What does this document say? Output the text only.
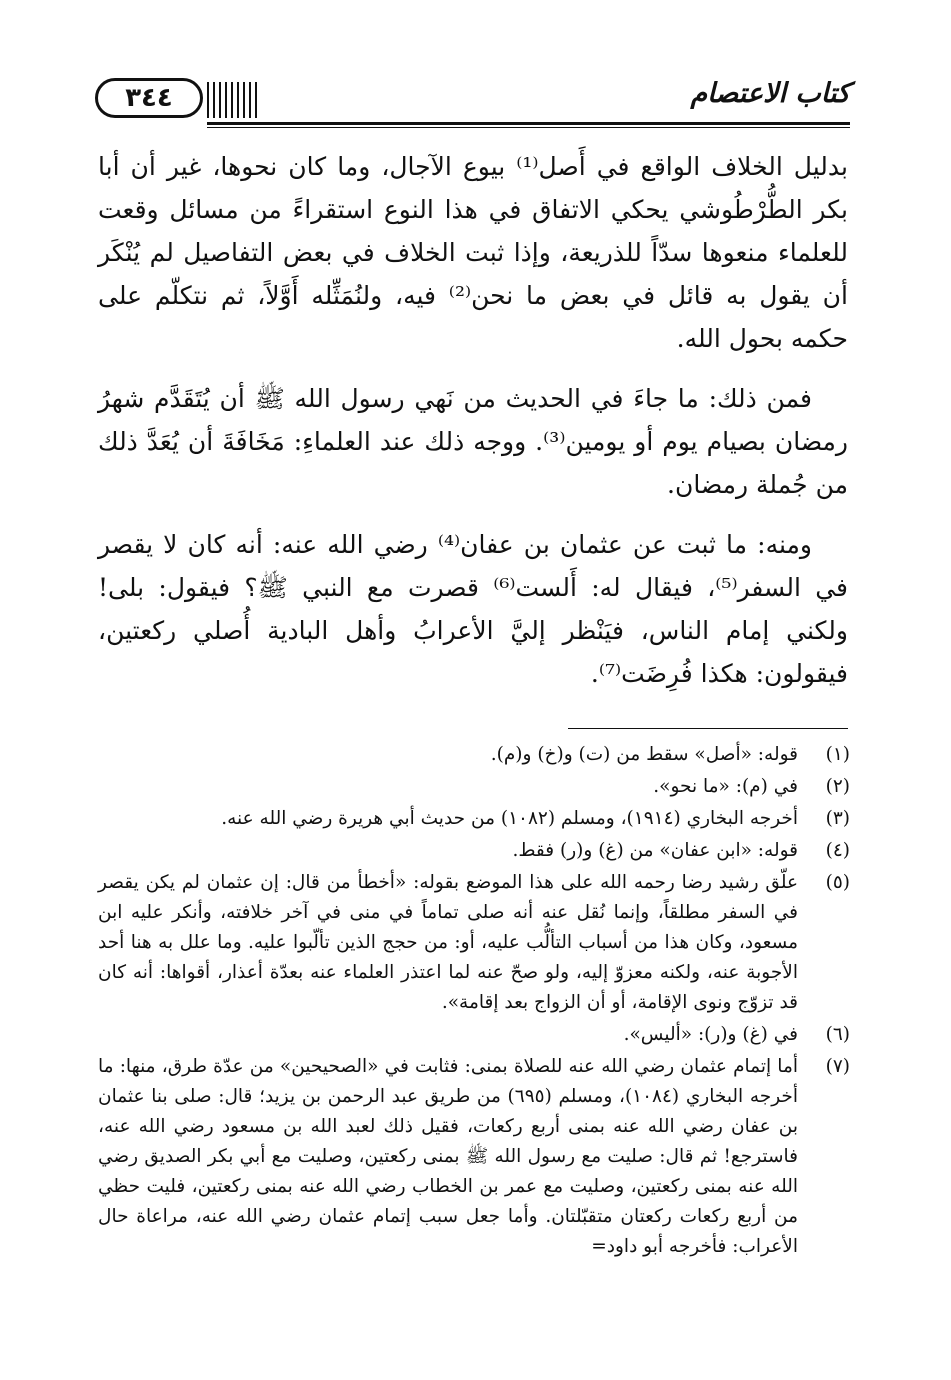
٣٤٤	كتاب الاعتصام

بدليل الخلاف الواقع في أَصل⁽¹⁾ بيوع الآجال، وما كان نحوها، غير أن أبا بكر الطُّرْطُوشي يحكي الاتفاق في هذا النوع استقراءً من مسائل وقعت للعلماء منعوها سدّاً للذريعة، وإذا ثبت الخلاف في بعض التفاصيل لم يُنْكَر أن يقول به قائل في بعض ما نحن⁽²⁾ فيه، ولنُمَثِّله أَوَّلاً، ثم نتكلّم على حكمه بحول الله.

فمن ذلك: ما جاءَ في الحديث من نَهي رسول الله ﷺ أن يُتَقَدَّم شهرُ رمضان بصيام يوم أو يومين⁽³⁾. ووجه ذلك عند العلماءِ: مَخَافَةَ أن يُعَدَّ ذلك من جُملة رمضان.

ومنه: ما ثبت عن عثمان بن عفان⁽⁴⁾ رضي الله عنه: أنه كان لا يقصر في السفر⁽⁵⁾، فيقال له: أَلست⁽⁶⁾ قصرت مع النبي ﷺ؟ فيقول: بلى! ولكني إمام الناس، فيَنْظر إليَّ الأعرابُ وأهل البادية أُصلي ركعتين، فيقولون: هكذا فُرِضَت⁽⁷⁾.

(١)
قوله: «أصل» سقط من (ت) و(خ) و(م).
(٢)
في (م): «ما نحو».
(٣)
أخرجه البخاري (١٩١٤)، ومسلم (١٠٨٢) من حديث أبي هريرة رضي الله عنه.
(٤)
قوله: «ابن عفان» من (غ) و(ر) فقط.
(٥)
علّق رشيد رضا رحمه الله على هذا الموضع بقوله: «أخطأ من قال: إن عثمان لم يكن يقصر في السفر مطلقاً، وإنما نُقل عنه أنه صلى تماماً في منى في آخر خلافته، وأنكر عليه ابن مسعود، وكان هذا من أسباب التألُّب عليه، أو: من حجج الذين تألّبوا عليه. وما علل به هنا أحد الأجوبة عنه، ولكنه معزوّ إليه، ولو صحّ عنه لما اعتذر العلماء عنه بعدّة أعذار، أقواها: أنه كان قد تزوّج ونوى الإقامة، أو أن الزواج بعد إقامة».
(٦)
في (غ) و(ر): «أليس».
(٧)
أما إتمام عثمان رضي الله عنه للصلاة بمنى: فثابت في «الصحيحين» من عدّة طرق، منها: ما أخرجه البخاري (١٠٨٤)، ومسلم (٦٩٥) من طريق عبد الرحمن بن يزيد؛ قال: صلى بنا عثمان بن عفان رضي الله عنه بمنى أربع ركعات، فقيل ذلك لعبد الله بن مسعود رضي الله عنه، فاسترجع! ثم قال: صليت مع رسول الله ﷺ بمنى ركعتين، وصليت مع أبي بكر الصديق رضي الله عنه بمنى ركعتين، وصليت مع عمر بن الخطاب رضي الله عنه بمنى ركعتين، فليت حظي من أربع ركعات ركعتان متقبّلتان. وأما جعل سبب إتمام عثمان رضي الله عنه، مراعاة حال الأعراب: فأخرجه أبو داود=
